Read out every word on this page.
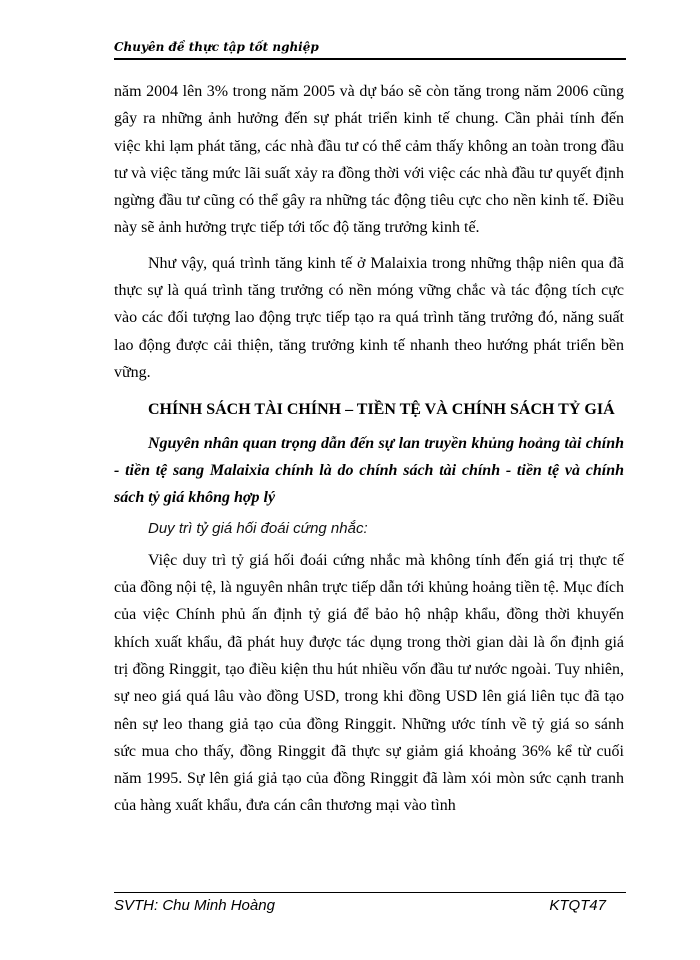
Chuyên đề thực tập tốt nghiệp

năm 2004 lên 3% trong năm 2005 và dự báo sẽ còn tăng trong năm 2006 cũng gây ra những ảnh hưởng đến sự phát triển kinh tế chung. Cần phải tính đến việc khi lạm phát tăng, các nhà đầu tư có thể cảm thấy không an toàn trong đầu tư và việc tăng mức lãi suất xảy ra đồng thời với việc các nhà đầu tư quyết định ngừng đầu tư cũng có thể gây ra những tác động tiêu cực cho nền kinh tế. Điều này sẽ ảnh hưởng trực tiếp tới tốc độ tăng trưởng kinh tế.

Như vậy, quá trình tăng kinh tế ở Malaixia trong những thập niên qua đã thực sự là quá trình tăng trưởng có nền móng vững chắc và tác động tích cực vào các đối tượng lao động trực tiếp tạo ra quá trình tăng trưởng đó, năng suất lao động được cải thiện, tăng trưởng kinh tế nhanh theo hướng phát triển bền vững.

CHÍNH SÁCH TÀI CHÍNH – TIỀN TỆ VÀ CHÍNH SÁCH TỶ GIÁ

Nguyên nhân quan trọng dẫn đến sự lan truyền khủng hoảng tài chính - tiền tệ sang Malaixia chính là do chính sách tài chính - tiền tệ và chính sách tỷ giá không hợp lý

Duy trì tỷ giá hối đoái cứng nhắc:

Việc duy trì tỷ giá hối đoái cứng nhắc mà không tính đến giá trị thực tế của đồng nội tệ, là nguyên nhân trực tiếp dẫn tới khủng hoảng tiền tệ. Mục đích của việc Chính phủ ấn định tỷ giá để bảo hộ nhập khẩu, đồng thời khuyến khích xuất khẩu, đã phát huy được tác dụng trong thời gian dài là ổn định giá trị đồng Ringgit, tạo điều kiện thu hút nhiều vốn đầu tư nước ngoài. Tuy nhiên, sự neo giá quá lâu vào đồng USD, trong khi đồng USD lên giá liên tục đã tạo nên sự leo thang giả tạo của đồng Ringgit. Những ước tính về tỷ giá so sánh sức mua cho thấy, đồng Ringgit đã thực sự giảm giá khoảng 36% kể từ cuối năm 1995. Sự lên giá giả tạo của đồng Ringgit đã làm xói mòn sức cạnh tranh của hàng xuất khẩu, đưa cán cân thương mại vào tình

SVTH: Chu Minh Hoàng	KTQT47
